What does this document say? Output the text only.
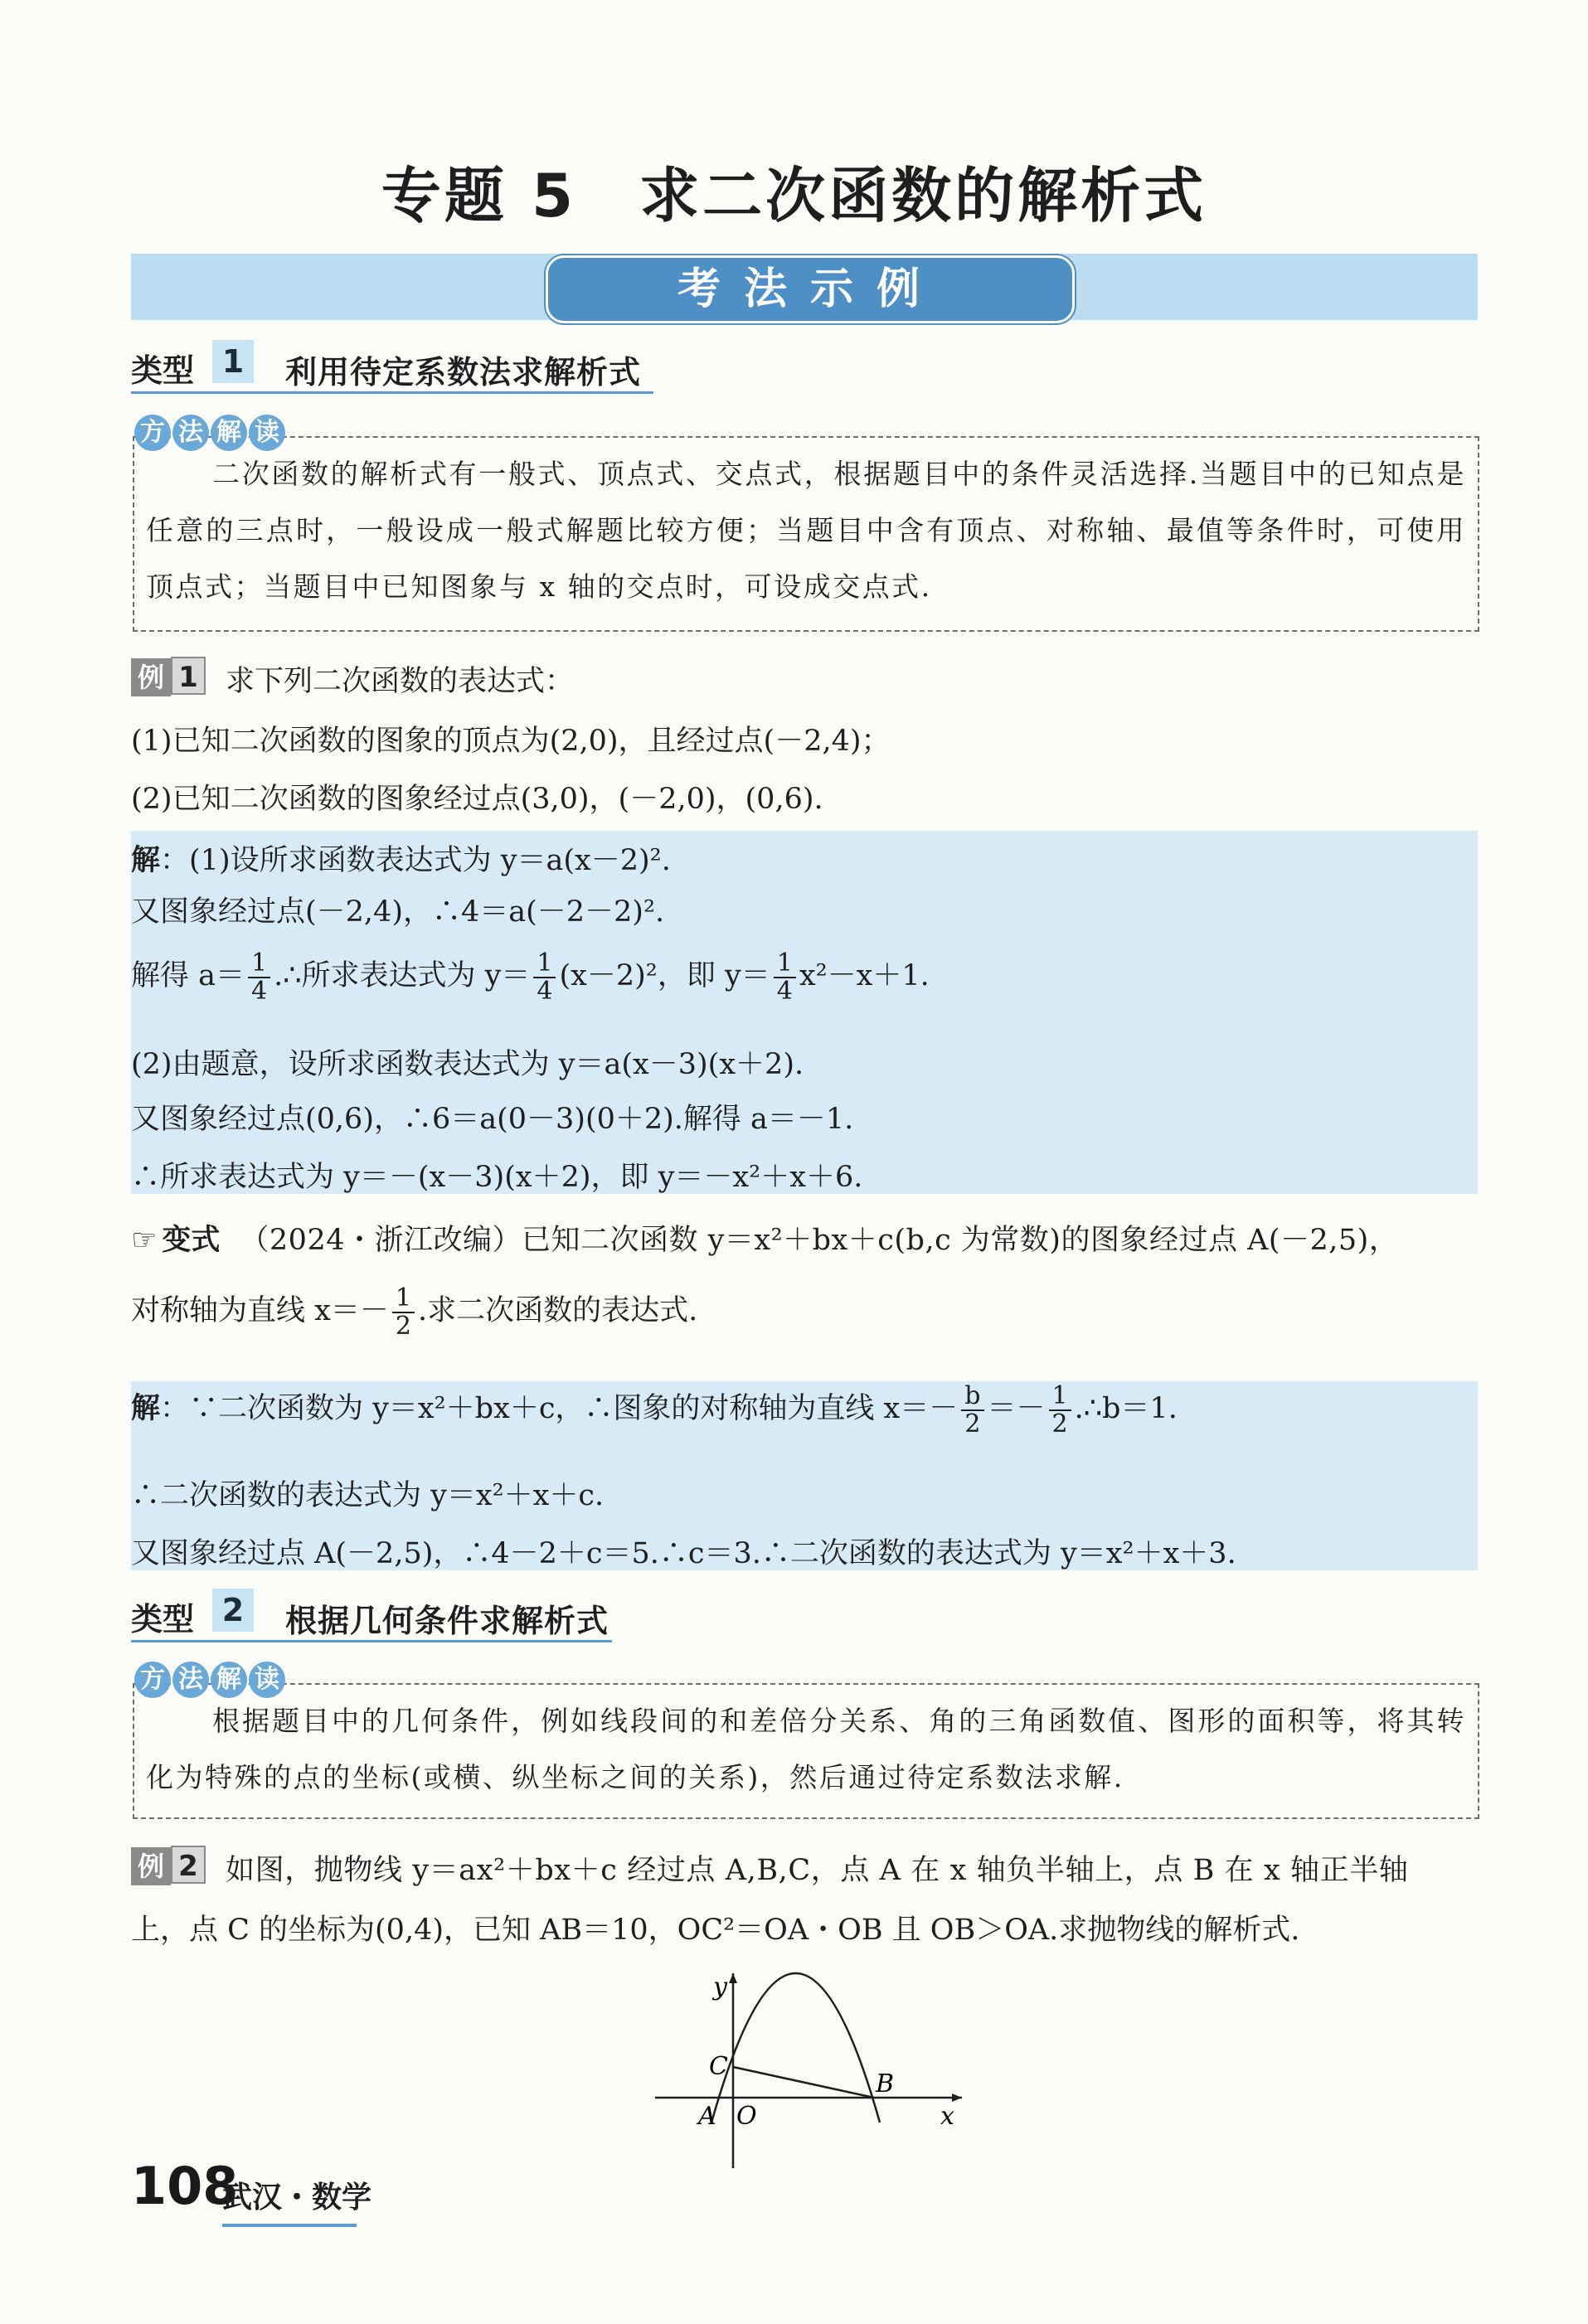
专题 5　求二次函数的解析式
考法示例
类型 1	利用待定系数法求解析式
二次函数的解析式有一般式、顶点式、交点式，根据题目中的条件灵活选择.当题目中的已知点是任意的三点时，一般设成一般式解题比较方便；当题目中含有顶点、对称轴、最值等条件时，可使用顶点式；当题目中已知图象与 x 轴的交点时，可设成交点式.
方 法 解 读
例 1 求下列二次函数的表达式：
(1)已知二次函数的图象的顶点为(2,0)，且经过点(－2,4)；
(2)已知二次函数的图象经过点(3,0)，(－2,0)，(0,6).
解：(1)设所求函数表达式为 y＝a(x－2)².
又图象经过点(－2,4)，∴4＝a(－2－2)².
解得 $a= \frac{1}{4}$ .∴所求表达式为 $y= \frac{1}{4} (x-2)^2$，即 $y= \frac{1}{4} x^2-x+1$.
(2)由题意，设所求函数表达式为 y＝a(x－3)(x＋2).
又图象经过点(0,6)，∴6＝a(0－3)(0＋2).解得 a＝－1.
∴所求表达式为 y＝－(x－3)(x＋2)，即 y＝－x²＋x＋6.
☞ 变式 （2024・浙江改编）已知二次函数 y＝x²＋bx＋c(b,c 为常数)的图象经过点 A(－2,5)，
对称轴为直线 $x=- \frac{1}{2}$ .求二次函数的表达式.
解：∵二次函数为 y＝x²＋bx＋c，∴图象的对称轴为直线 $x=- \frac{b}{2} =- \frac{1}{2}$ .∴b＝1.
∴二次函数的表达式为 y＝x²＋x＋c.
又图象经过点 A(－2,5)，∴4－2＋c＝5.∴c＝3.∴二次函数的表达式为 y＝x²＋x＋3.
类型 2	根据几何条件求解析式
根据题目中的几何条件，例如线段间的和差倍分关系、角的三角函数值、图形的面积等，将其转化为特殊的点的坐标(或横、纵坐标之间的关系)，然后通过待定系数法求解.
方 法 解 读
例 2 如图，抛物线 y＝ax²＋bx＋c 经过点 A,B,C，点 A 在 x 轴负半轴上，点 B 在 x 轴正半轴
上，点 C 的坐标为(0,4)，已知 AB＝10，OC²＝OA・OB 且 OB＞OA.求抛物线的解析式.
y
C
B
A O	x
108
武汉・数学
